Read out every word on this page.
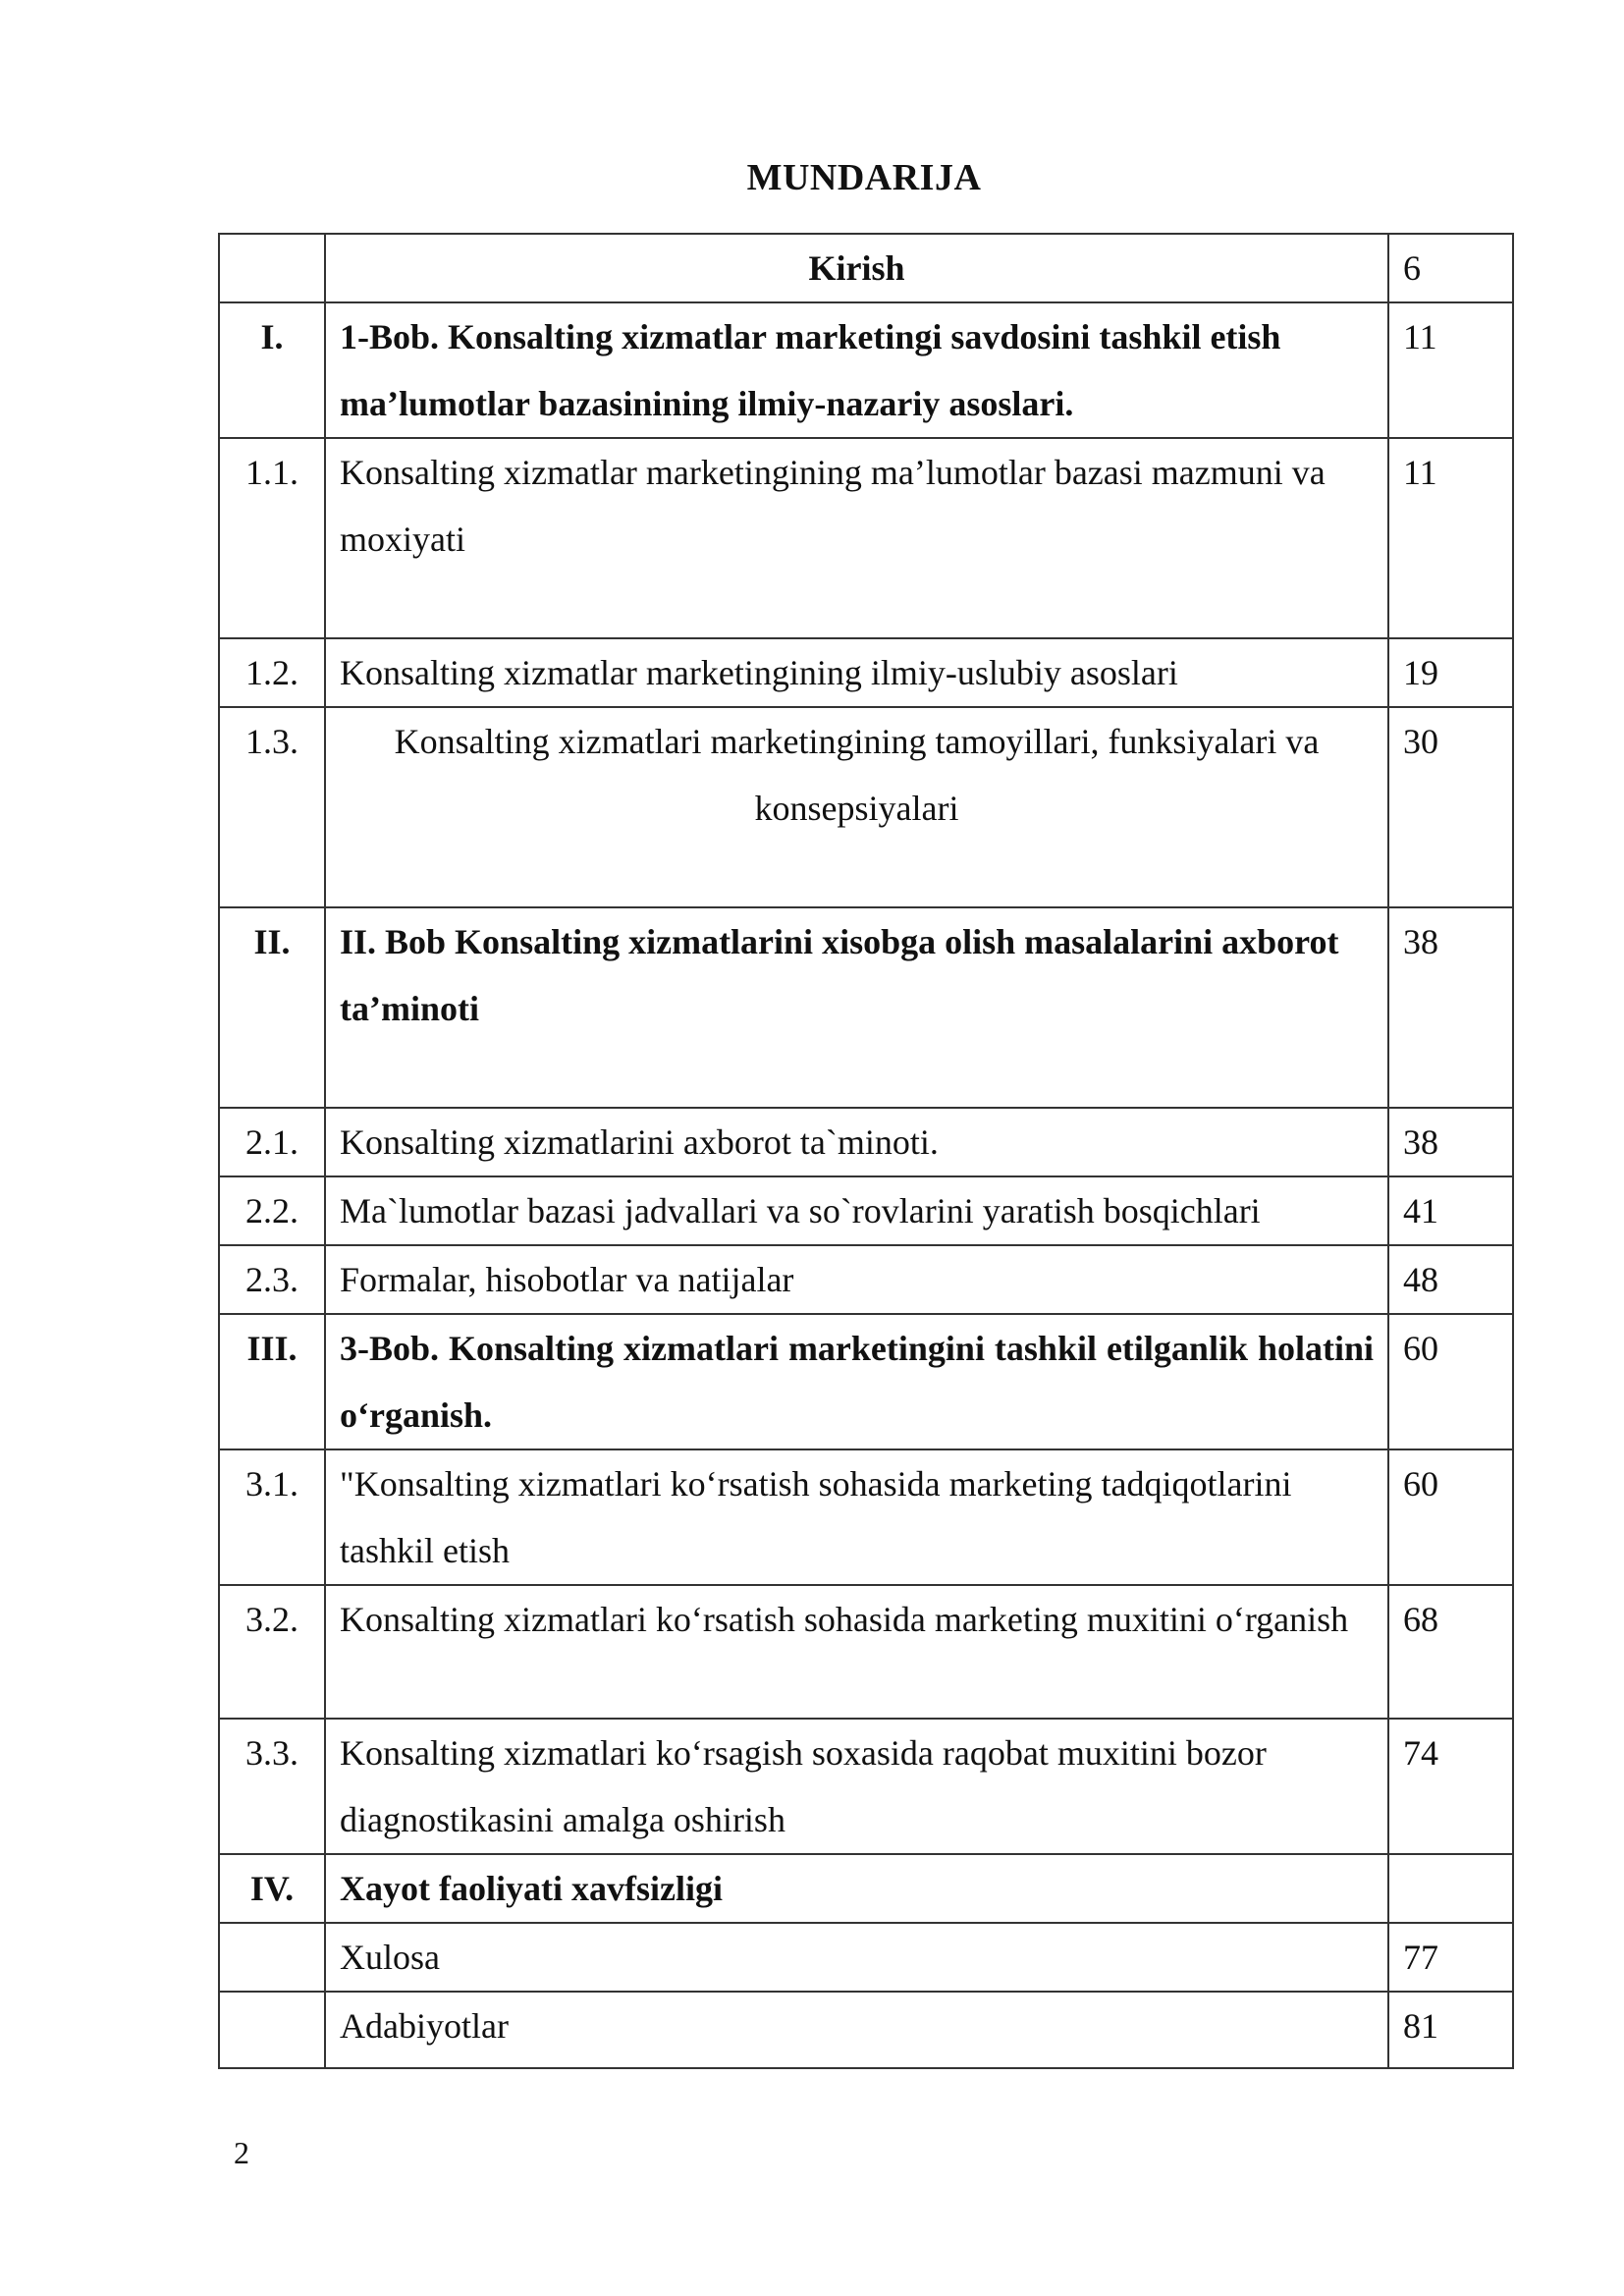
MUNDARIJA
	Kirish	6
I.	1-Bob. Konsalting xizmatlar marketingi savdosini tashkil etish ma’lumotlar bazasinining ilmiy-nazariy asoslari.	11
1.1.	Konsalting xizmatlar marketingining ma’lumotlar bazasi mazmuni va moxiyati	11
1.2.	Konsalting xizmatlar marketingining ilmiy-uslubiy asoslari	19
1.3.	Konsalting xizmatlari marketingining tamoyillari, funksiyalari va konsepsiyalari	30
II.	II. Bob Konsalting xizmatlarini xisobga olish masalalarini axborot ta’minoti	38
2.1.	Konsalting xizmatlarini axborot ta`minoti.	38
2.2.	Ma`lumotlar bazasi jadvallari va so`rovlarini yaratish bosqichlari	41
2.3.	Formalar, hisobotlar va natijalar	48
III.	3-Bob. Konsalting xizmatlari marketingini tashkil etilganlik holatini o‘rganish.	60
3.1.	"Konsalting xizmatlari ko‘rsatish sohasida marketing tadqiqotlarini tashkil etish	60
3.2.	Konsalting xizmatlari ko‘rsatish sohasida marketing muxitini o‘rganish	68
3.3.	Konsalting xizmatlari ko‘rsagish soxasida raqobat muxitini bozor diagnostikasini amalga oshirish	74
IV.	Xayot faoliyati xavfsizligi	
	Xulosa	77
	Adabiyotlar	81
2
